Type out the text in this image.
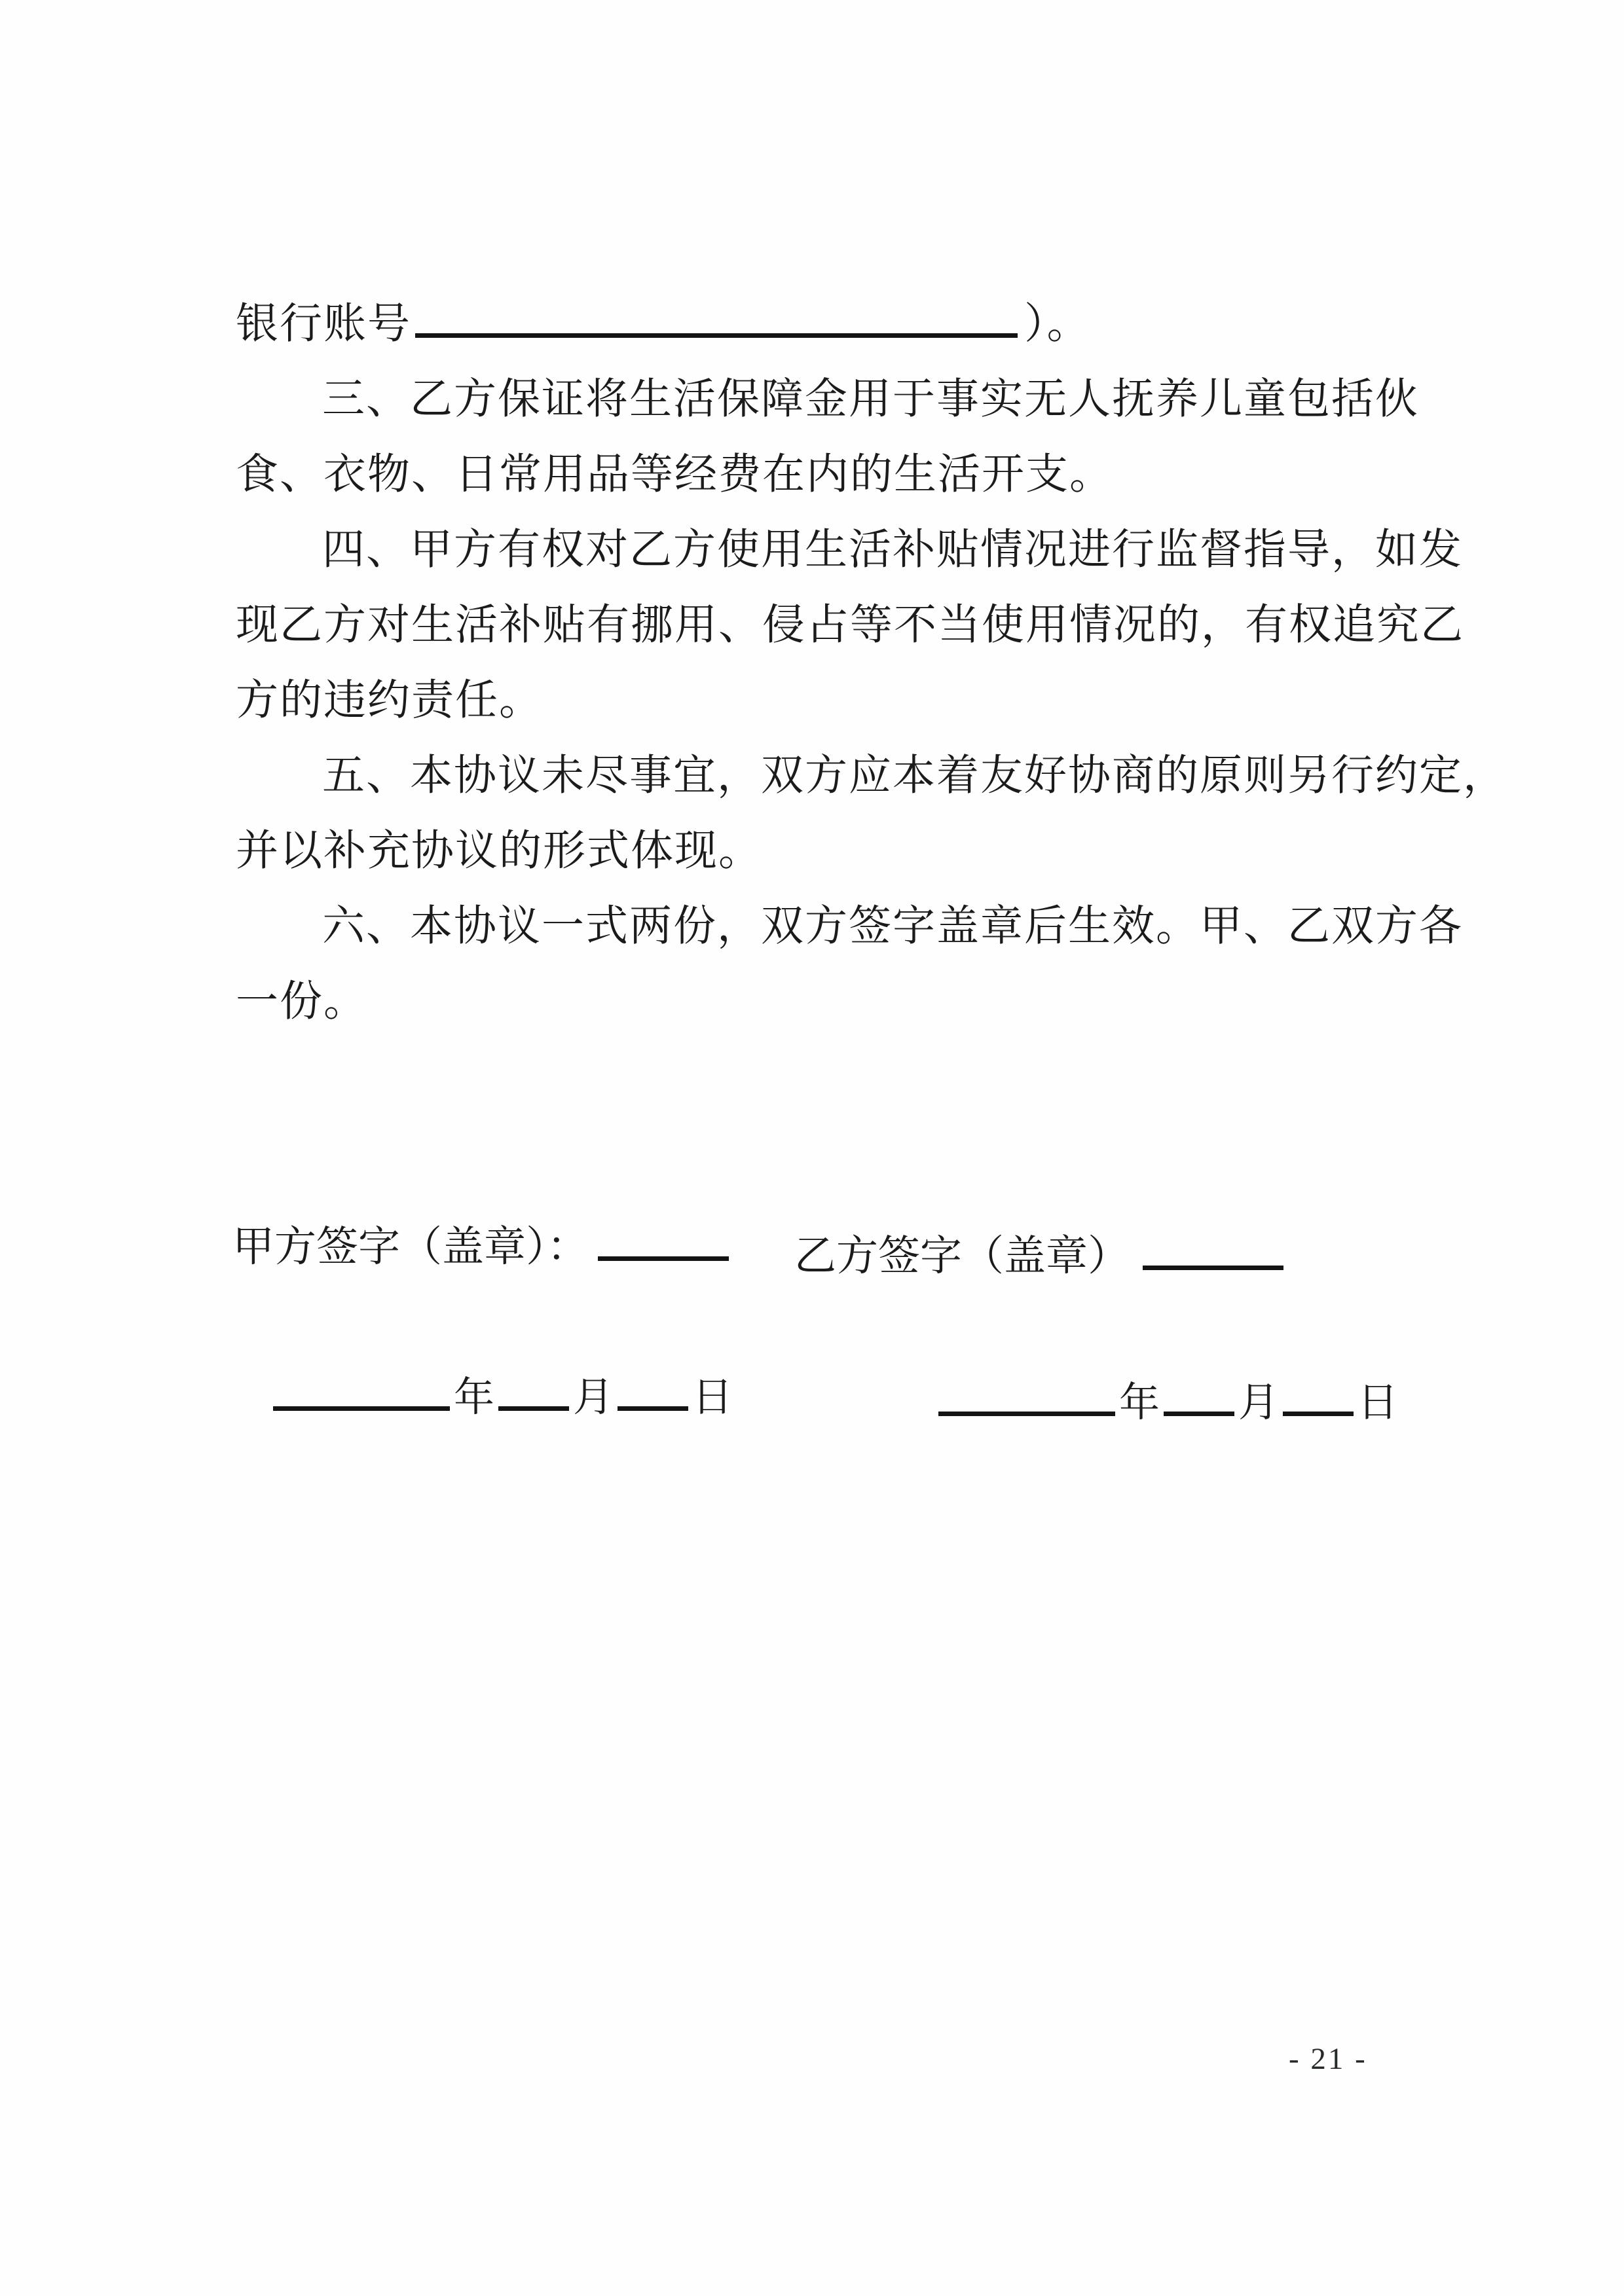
银行账号	）。
三、乙方保证将生活保障金用于事实无人抚养儿童包括伙
食、衣物、日常用品等经费在内的生活开支。
四、甲方有权对乙方使用生活补贴情况进行监督指导，如发
现乙方对生活补贴有挪用、侵占等不当使用情况的，有权追究乙
方的违约责任。
五、本协议未尽事宜，双方应本着友好协商的原则另行约定，
并以补充协议的形式体现。
六、本协议一式两份，双方签字盖章后生效。甲、乙双方各
一份。
甲方签字（盖章）：	乙方签字（盖章）
年 月 日	年 月 日
- 21 -
